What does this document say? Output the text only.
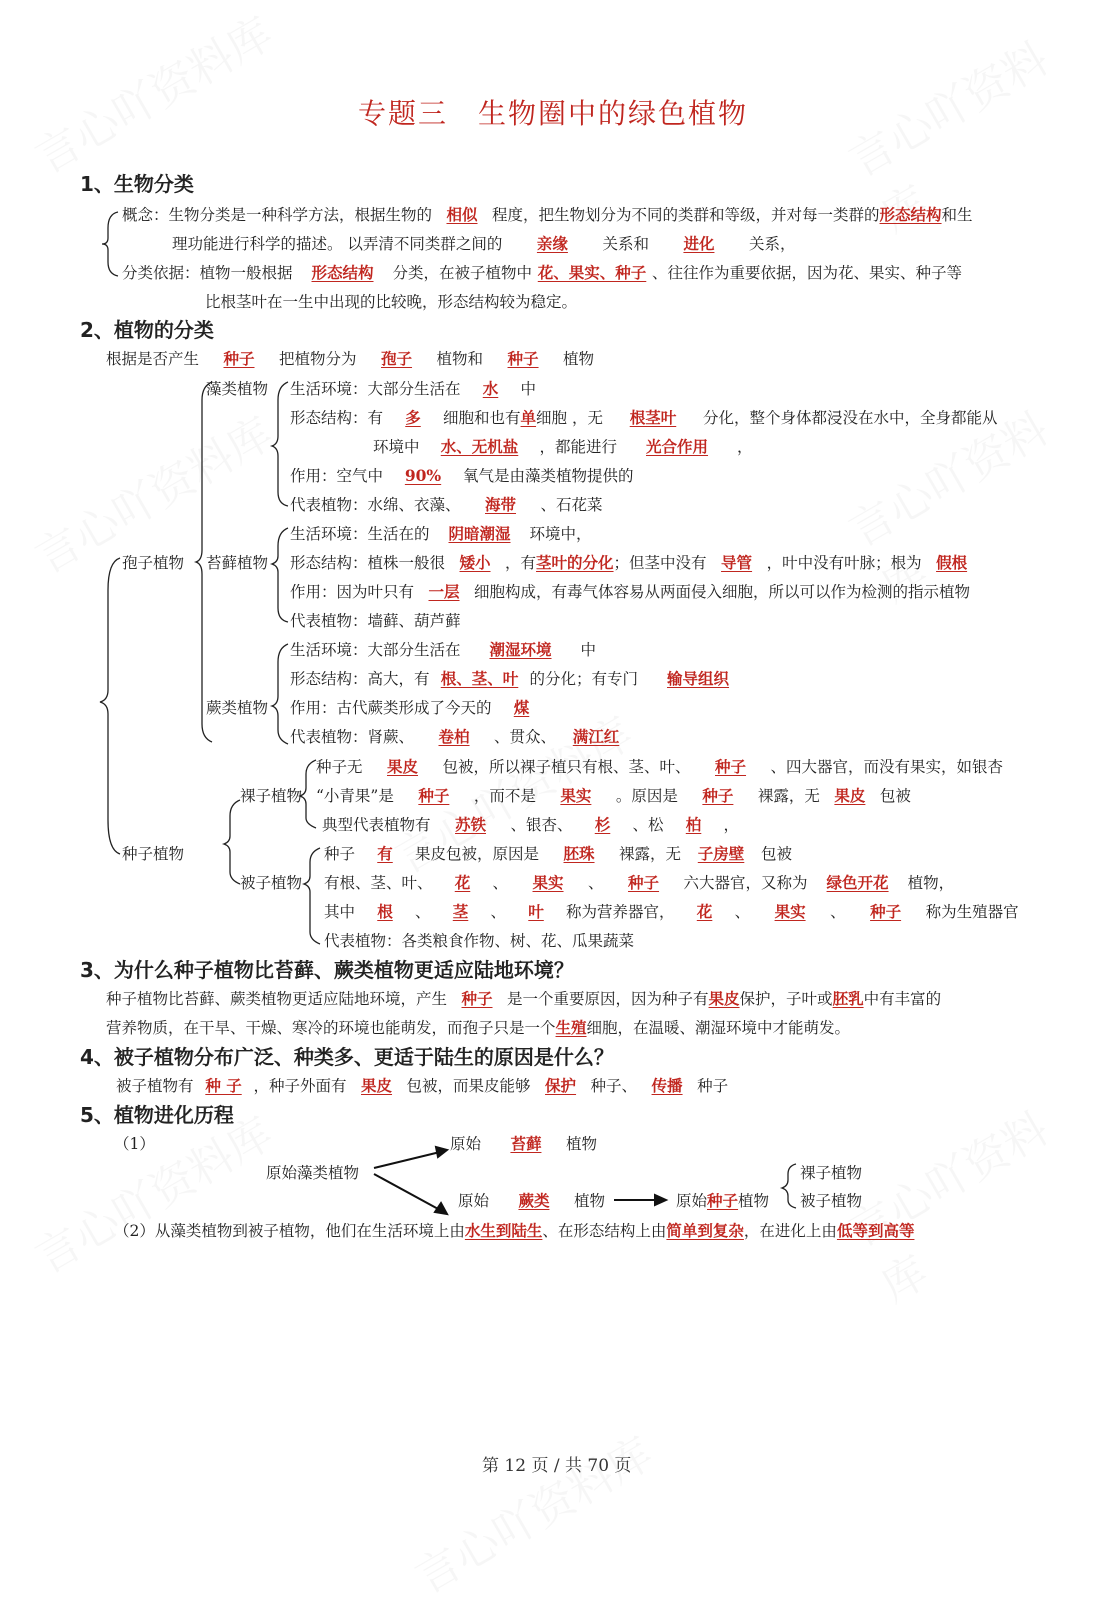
专题三　生物圈中的绿色植物
1、生物分类
概念：生物分类是一种科学方法，根据生物的 相似 程度，把生物划分为不同的类群和等级，并对每一类群的形态结构和生
理功能进行科学的描述。 以弄清不同类群之间的 亲缘 关系和 进化 关系，
分类依据：植物一般根据 形态结构 分类，在被子植物中 花、果实、种子 、往往作为重要依据，因为花、果实、种子等
比根茎叶在一生中出现的比较晚，形态结构较为稳定。
2、植物的分类
根据是否产生 种子 把植物分为 孢子 植物和 种子 植物
孢子植物
种子植物
藻类植物
苔藓植物
蕨类植物
裸子植物
被子植物
生活环境：大部分生活在 水 中
形态结构：有 多 细胞和也有单细胞 ，无 根茎叶 分化，整个身体都浸没在水中，全身都能从
环境中 水、无机盐 ，都能进行 光合作用 ，
作用：空气中 90% 氧气是由藻类植物提供的
代表植物：水绵、衣藻、 海带 、石花菜
生活环境：生活在的 阴暗潮湿 环境中，
形态结构：植株一般很 矮小 ，有茎叶的分化；但茎中没有 导管 ，叶中没有叶脉；根为 假根
作用：因为叶只有 一层 细胞构成，有毒气体容易从两面侵入细胞，所以可以作为检测的指示植物
代表植物：墙藓、葫芦藓
生活环境：大部分生活在 潮湿环境 中
形态结构：高大，有 根、茎、叶 的分化；有专门 输导组织
作用：古代蕨类形成了今天的 煤
代表植物：肾蕨、 卷柏 、贯众、 满江红
种子无 果皮 包被，所以裸子植只有根、茎、叶、 种子 、四大器官，而没有果实，如银杏
“小青果”是 种子 ，而不是 果实 。原因是 种子 裸露，无 果皮 包被
典型代表植物有 苏铁 、银杏、 杉 、松 柏 ，
种子 有 果皮包被，原因是 胚珠 裸露，无 子房壁 包被
有根、茎、叶、 花 、 果实 、 种子 六大器官，又称为 绿色开花 植物，
其中 根 、 茎 、 叶 称为营养器官， 花 、 果实 、 种子 称为生殖器官
代表植物：各类粮食作物、树、花、瓜果蔬菜
3、为什么种子植物比苔藓、蕨类植物更适应陆地环境？
种子植物比苔藓、蕨类植物更适应陆地环境，产生 种子 是一个重要原因，因为种子有果皮保护，子叶或胚乳中有丰富的
营养物质，在干旱、干燥、寒冷的环境也能萌发，而孢子只是一个生殖细胞，在温暖、潮湿环境中才能萌发。
4、被子植物分布广泛、种类多、更适于陆生的原因是什么？
被子植物有 种 子 ，种子外面有 果皮 包被，而果皮能够 保护 种子、 传播 种子
5、植物进化历程
（1）	原始 苔藓 植物
原始藻类植物
原始 蕨类 植物	原始种子植物
裸子植物
被子植物
（2）从藻类植物到被子植物，他们在生活环境上由水生到陆生、在形态结构上由简单到复杂，在进化上由低等到高等
第 12 页 / 共 70 页
